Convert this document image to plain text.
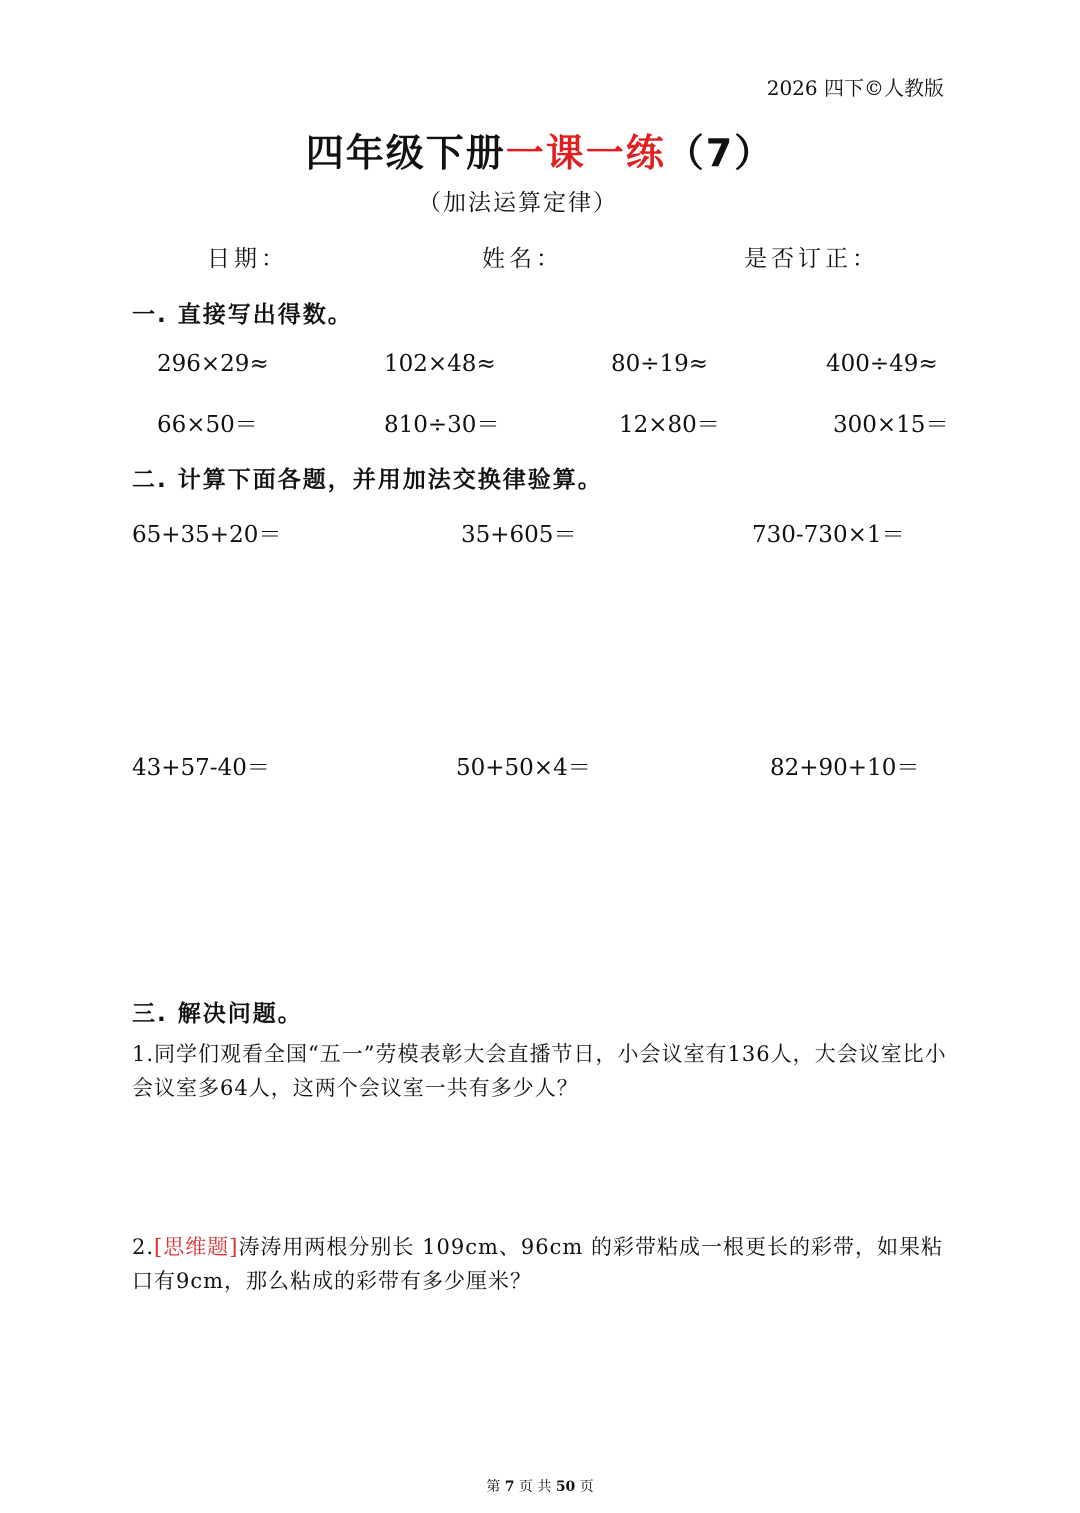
2026 四下©人教版
四年级下册一课一练（7）
（加法运算定律）
日期：	姓名：	是否订正：
一. 直接写出得数。
296×29≈	102×48≈	80÷19≈	400÷49≈
66×50＝	810÷30＝	12×80＝	300×15＝
二. 计算下面各题，并用加法交换律验算。
65+35+20＝	35+605＝	730-730×1＝
43+57-40＝	50+50×4＝	82+90+10＝
三. 解决问题。
1.同学们观看全国“五一”劳模表彰大会直播节日，小会议室有136人，大会议室比小会议室多64人，这两个会议室一共有多少人？
2.[思维题]涛涛用两根分别长 109cm、96cm 的彩带粘成一根更长的彩带，如果粘口有9cm，那么粘成的彩带有多少厘米？
第 7 页 共 50 页
